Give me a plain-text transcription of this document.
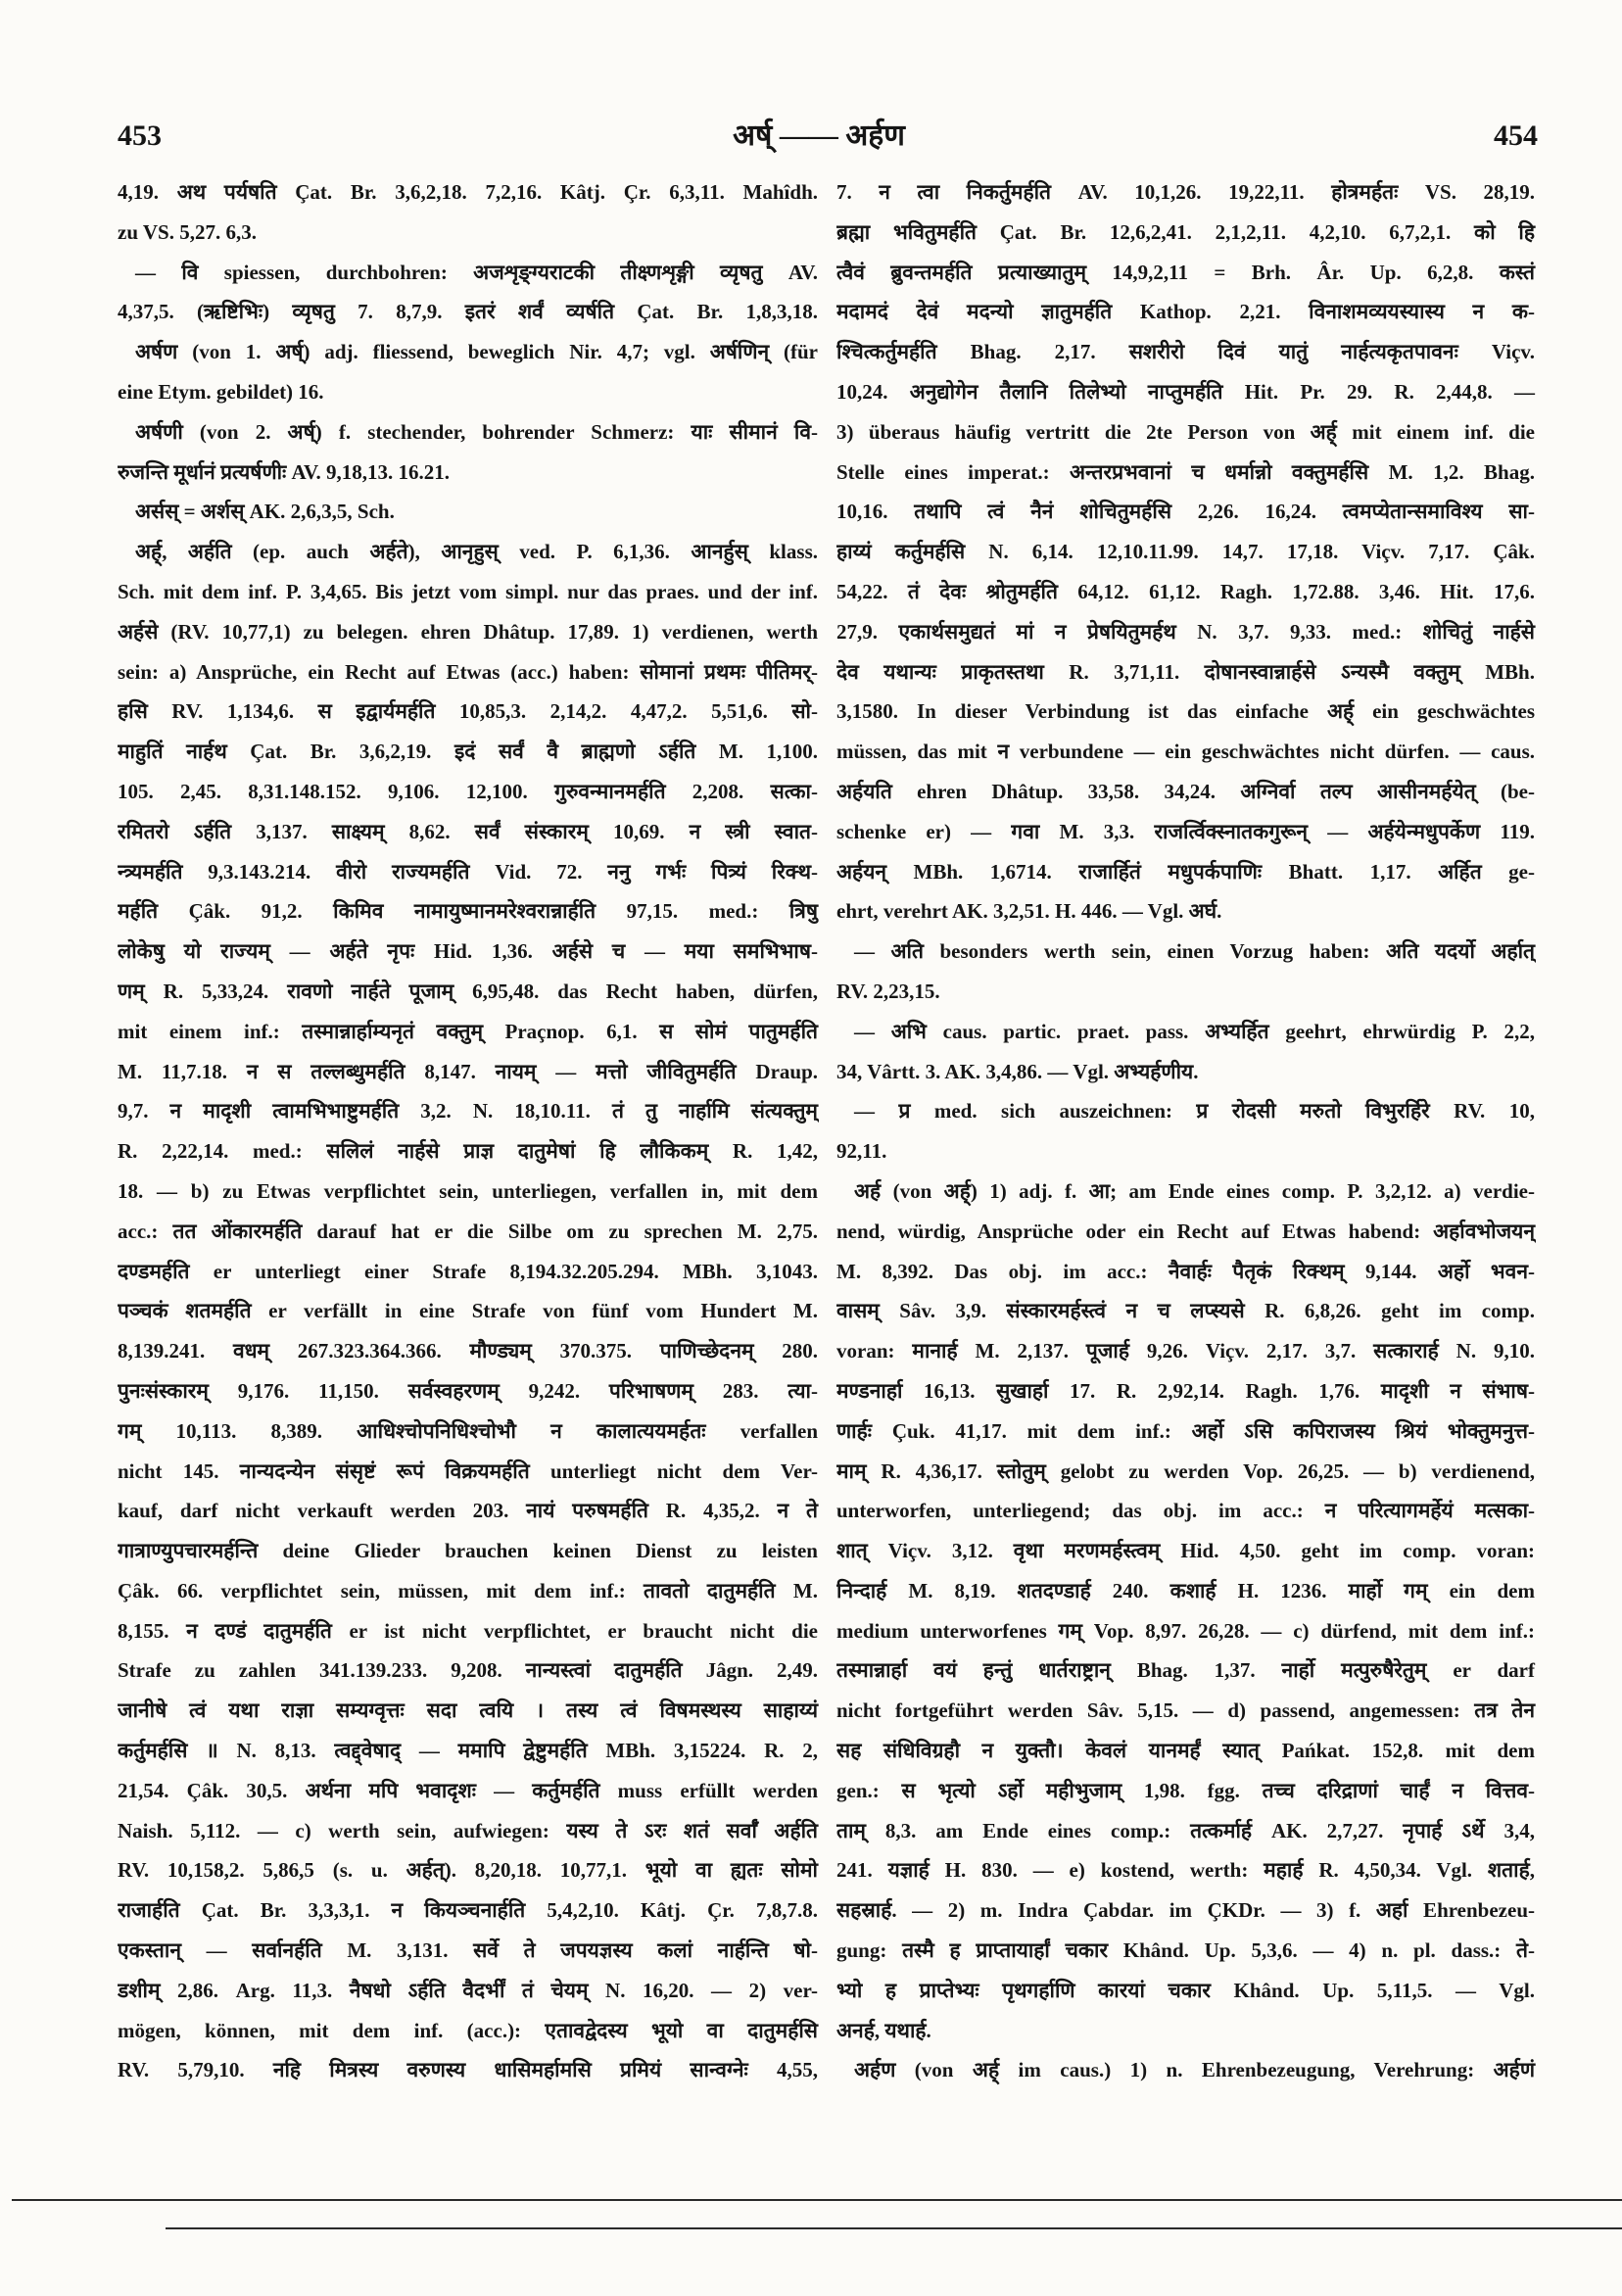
453	अर्ष् —— अर्हण	454
4,19. अथ पर्यषति Çat. Br. 3,6,2,18. 7,2,16. Kâtj. Çr. 6,3,11. Mahîdh.
zu VS. 5,27. 6,3.
— वि spiessen, durchbohren: अजशृङ्ग्यराटकी तीक्ष्णशृङ्गी व्यृषतु AV.
4,37,5. (ऋष्टिभिः) व्यृषतु 7. 8,7,9. इतरं शर्वं व्यर्षति Çat. Br. 1,8,3,18.
अर्षण (von 1. अर्ष्) adj. fliessend, beweglich Nir. 4,7; vgl. अर्षणिन् (für
eine Etym. gebildet) 16.
अर्षणी (von 2. अर्ष्) f. stechender, bohrender Schmerz: याः सीमानं वि-
रुजन्ति मूर्धानं प्रत्यर्षणीः AV. 9,18,13. 16.21.
अर्सस् = अर्शस् AK. 2,6,3,5, Sch.
अर्ह्, अर्हति (ep. auch अर्हते), आनृहुस् ved. P. 6,1,36. आनर्हुस् klass.
Sch. mit dem inf. P. 3,4,65. Bis jetzt vom simpl. nur das praes. und der inf.
अर्हसे (RV. 10,77,1) zu belegen. ehren Dhâtup. 17,89. 1) verdienen, werth
sein: a) Ansprüche, ein Recht auf Etwas (acc.) haben: सोमानां प्रथमः पीतिमर्-
हसि RV. 1,134,6. स इद्वार्यमर्हति 10,85,3. 2,14,2. 4,47,2. 5,51,6. सो-
माहुतिं नार्हथ Çat. Br. 3,6,2,19. इदं सर्वं वै ब्राह्मणो ऽर्हति M. 1,100.
105. 2,45. 8,31.148.152. 9,106. 12,100. गुरुवन्मानमर्हति 2,208. सत्का-
रमितरो ऽर्हति 3,137. साक्ष्यम् 8,62. सर्वं संस्कारम् 10,69. न स्त्री स्वात-
न्त्र्यमर्हति 9,3.143.214. वीरो राज्यमर्हति Vid. 72. ननु गर्भः पित्र्यं रिक्थ-
मर्हति Çâk. 91,2. किमिव नामायुष्मानमरेश्वरान्नार्हति 97,15. med.: त्रिषु
लोकेषु यो राज्यम् — अर्हते नृपः Hid. 1,36. अर्हसे च — मया समभिभाष-
णम् R. 5,33,24. रावणो नार्हते पूजाम् 6,95,48. das Recht haben, dürfen,
mit einem inf.: तस्मान्नार्हाम्यनृतं वक्तुम् Praçnop. 6,1. स सोमं पातुमर्हति
M. 11,7.18. न स तल्लब्धुमर्हति 8,147. नायम् — मत्तो जीवितुमर्हति Draup.
9,7. न मादृशी त्वामभिभाष्टुमर्हति 3,2. N. 18,10.11. तं तु नार्हामि संत्यक्तुम्
R. 2,22,14. med.: सलिलं नार्हसे प्राज्ञ दातुमेषां हि लौकिकम् R. 1,42,
18. — b) zu Etwas verpflichtet sein, unterliegen, verfallen in, mit dem
acc.: तत ओंकारमर्हति darauf hat er die Silbe om zu sprechen M. 2,75.
दण्डमर्हति er unterliegt einer Strafe 8,194.32.205.294. MBh. 3,1043.
पञ्चकं शतमर्हति er verfällt in eine Strafe von fünf vom Hundert M.
8,139.241. वधम् 267.323.364.366. मौण्ड्यम् 370.375. पाणिच्छेदनम् 280.
पुनःसंस्कारम् 9,176. 11,150. सर्वस्वहरणम् 9,242. परिभाषणम् 283. त्या-
गम् 10,113. 8,389. आधिश्चोपनिधिश्चोभौ न कालात्ययमर्हतः verfallen
nicht 145. नान्यदन्येन संसृष्टं रूपं विक्रयमर्हति unterliegt nicht dem Ver-
kauf, darf nicht verkauft werden 203. नायं परुषमर्हति R. 4,35,2. न ते
गात्राण्युपचारमर्हन्ति deine Glieder brauchen keinen Dienst zu leisten
Çâk. 66. verpflichtet sein, müssen, mit dem inf.: तावतो दातुमर्हति M.
8,155. न दण्डं दातुमर्हति er ist nicht verpflichtet, er braucht nicht die
Strafe zu zahlen 341.139.233. 9,208. नान्यस्त्वां दातुमर्हति Jâgn. 2,49.
जानीषे त्वं यथा राज्ञा सम्यग्वृत्तः सदा त्वयि । तस्य त्वं विषमस्थस्य साहाय्यं
कर्तुमर्हसि ॥ N. 8,13. त्वद्द्वेषाद् — ममापि द्वेष्टुमर्हति MBh. 3,15224. R. 2,
21,54. Çâk. 30,5. अर्थना मपि भवादृशः — कर्तुमर्हति muss erfüllt werden
Naish. 5,112. — c) werth sein, aufwiegen: यस्य ते ऽरः शतं सर्वाँ अर्हति
RV. 10,158,2. 5,86,5 (s. u. अर्हत्). 8,20,18. 10,77,1. भूयो वा ह्यतः सोमो
राजार्हति Çat. Br. 3,3,3,1. न कियञ्चनार्हति 5,4,2,10. Kâtj. Çr. 7,8,7.8.
एकस्तान् — सर्वानर्हति M. 3,131. सर्वे ते जपयज्ञस्य कलां नार्हन्ति षो-
डशीम् 2,86. Arg. 11,3. नैषधो ऽर्हति वैदर्भीं तं चेयम् N. 16,20. — 2) ver-
mögen, können, mit dem inf. (acc.): एतावद्वेदस्य भूयो वा दातुमर्हसि
RV. 5,79,10. नहि मित्रस्य वरुणस्य धासिमर्हामसि प्रमियं सान्वग्नेः 4,55,
7. न त्वा निकर्तुमर्हति AV. 10,1,26. 19,22,11. होत्रमर्हतः VS. 28,19.
ब्रह्मा भवितुमर्हति Çat. Br. 12,6,2,41. 2,1,2,11. 4,2,10. 6,7,2,1. को हि
त्वैवं ब्रुवन्तमर्हति प्रत्याख्यातुम् 14,9,2,11 = Brh. Âr. Up. 6,2,8. कस्तं
मदामदं देवं मदन्यो ज्ञातुमर्हति Kathop. 2,21. विनाशमव्ययस्यास्य न क-
श्चित्कर्तुमर्हति Bhag. 2,17. सशरीरो दिवं यातुं नार्हत्यकृतपावनः Viçv.
10,24. अनुद्योगेन तैलानि तिलेभ्यो नाप्तुमर्हति Hit. Pr. 29. R. 2,44,8. —
3) überaus häufig vertritt die 2te Person von अर्ह् mit einem inf. die
Stelle eines imperat.: अन्तरप्रभवानां च धर्मान्नो वक्तुमर्हसि M. 1,2. Bhag.
10,16. तथापि त्वं नैनं शोचितुमर्हसि 2,26. 16,24. त्वमप्येतान्समाविश्य सा-
हाय्यं कर्तुमर्हसि N. 6,14. 12,10.11.99. 14,7. 17,18. Viçv. 7,17. Çâk.
54,22. तं देवः श्रोतुमर्हति 64,12. 61,12. Ragh. 1,72.88. 3,46. Hit. 17,6.
27,9. एकार्थसमुद्यतं मां न प्रेषयितुमर्हथ N. 3,7. 9,33. med.: शोचितुं नार्हसे
देव यथान्यः प्राकृतस्तथा R. 3,71,11. दोषानस्वान्नार्हसे ऽन्यस्मै वक्तुम् MBh.
3,1580. In dieser Verbindung ist das einfache अर्ह् ein geschwächtes
müssen, das mit न verbundene — ein geschwächtes nicht dürfen. — caus.
अर्हयति ehren Dhâtup. 33,58. 34,24. अग्निर्वा तल्प आसीनमर्हयेत् (be-
schenke er) — गवा M. 3,3. राजर्त्विक्स्नातकगुरून् — अर्हयेन्मधुपर्केण 119.
अर्हयन् MBh. 1,6714. राजार्हितं मधुपर्कपाणिः Bhatt. 1,17. अर्हित ge-
ehrt, verehrt AK. 3,2,51. H. 446. — Vgl. अर्घ.
— अति besonders werth sein, einen Vorzug haben: अति यदर्यो अर्हात्
RV. 2,23,15.
— अभि caus. partic. praet. pass. अभ्यर्हित geehrt, ehrwürdig P. 2,2,
34, Vârtt. 3. AK. 3,4,86. — Vgl. अभ्यर्हणीय.
— प्र med. sich auszeichnen: प्र रोदसी मरुतो विभुरर्हिरे RV. 10,
92,11.
अर्ह (von अर्ह्) 1) adj. f. आ; am Ende eines comp. P. 3,2,12. a) verdie-
nend, würdig, Ansprüche oder ein Recht auf Etwas habend: अर्हावभोजयन्
M. 8,392. Das obj. im acc.: नैवार्हः पैतृकं रिक्थम् 9,144. अर्हो भवन-
वासम् Sâv. 3,9. संस्कारमर्हस्त्वं न च लप्स्यसे R. 6,8,26. geht im comp.
voran: मानार्ह M. 2,137. पूजार्ह 9,26. Viçv. 2,17. 3,7. सत्कारार्ह N. 9,10.
मण्डनार्हा 16,13. सुखार्हा 17. R. 2,92,14. Ragh. 1,76. मादृशी न संभाष-
णार्हः Çuk. 41,17. mit dem inf.: अर्हो ऽसि कपिराजस्य श्रियं भोक्तुमनुत्त-
माम् R. 4,36,17. स्तोतुम् gelobt zu werden Vop. 26,25. — b) verdienend,
unterworfen, unterliegend; das obj. im acc.: न परित्यागमर्हेयं मत्सका-
शात् Viçv. 3,12. वृथा मरणमर्हस्त्वम् Hid. 4,50. geht im comp. voran:
निन्दार्ह M. 8,19. शतदण्डार्ह 240. कशार्ह H. 1236. मार्हो गम् ein dem
medium unterworfenes गम् Vop. 8,97. 26,28. — c) dürfend, mit dem inf.:
तस्मान्नार्हा वयं हन्तुं धार्तराष्ट्रान् Bhag. 1,37. नार्हो मत्पुरुषैरेतुम् er darf
nicht fortgeführt werden Sâv. 5,15. — d) passend, angemessen: तत्र तेन
सह संधिविग्रहौ न युक्तौ। केवलं यानमर्हं स्यात् Pańkat. 152,8. mit dem
gen.: स भृत्यो ऽर्हो महीभुजाम् 1,98. fgg. तच्च दरिद्राणां चार्हं न वित्तव-
ताम् 8,3. am Ende eines comp.: तत्कर्मार्ह AK. 2,7,27. नृपार्ह ऽर्थे 3,4,
241. यज्ञार्ह H. 830. — e) kostend, werth: महार्ह R. 4,50,34. Vgl. शतार्ह,
सहस्रार्ह. — 2) m. Indra Çabdar. im ÇKDr. — 3) f. अर्हा Ehrenbezeu-
gung: तस्मै ह प्राप्तायार्हां चकार Khând. Up. 5,3,6. — 4) n. pl. dass.: ते-
भ्यो ह प्राप्तेभ्यः पृथगर्हाणि कारयां चकार Khând. Up. 5,11,5. — Vgl.
अनर्ह, यथार्ह.
अर्हण (von अर्ह् im caus.) 1) n. Ehrenbezeugung, Verehrung: अर्हणं
